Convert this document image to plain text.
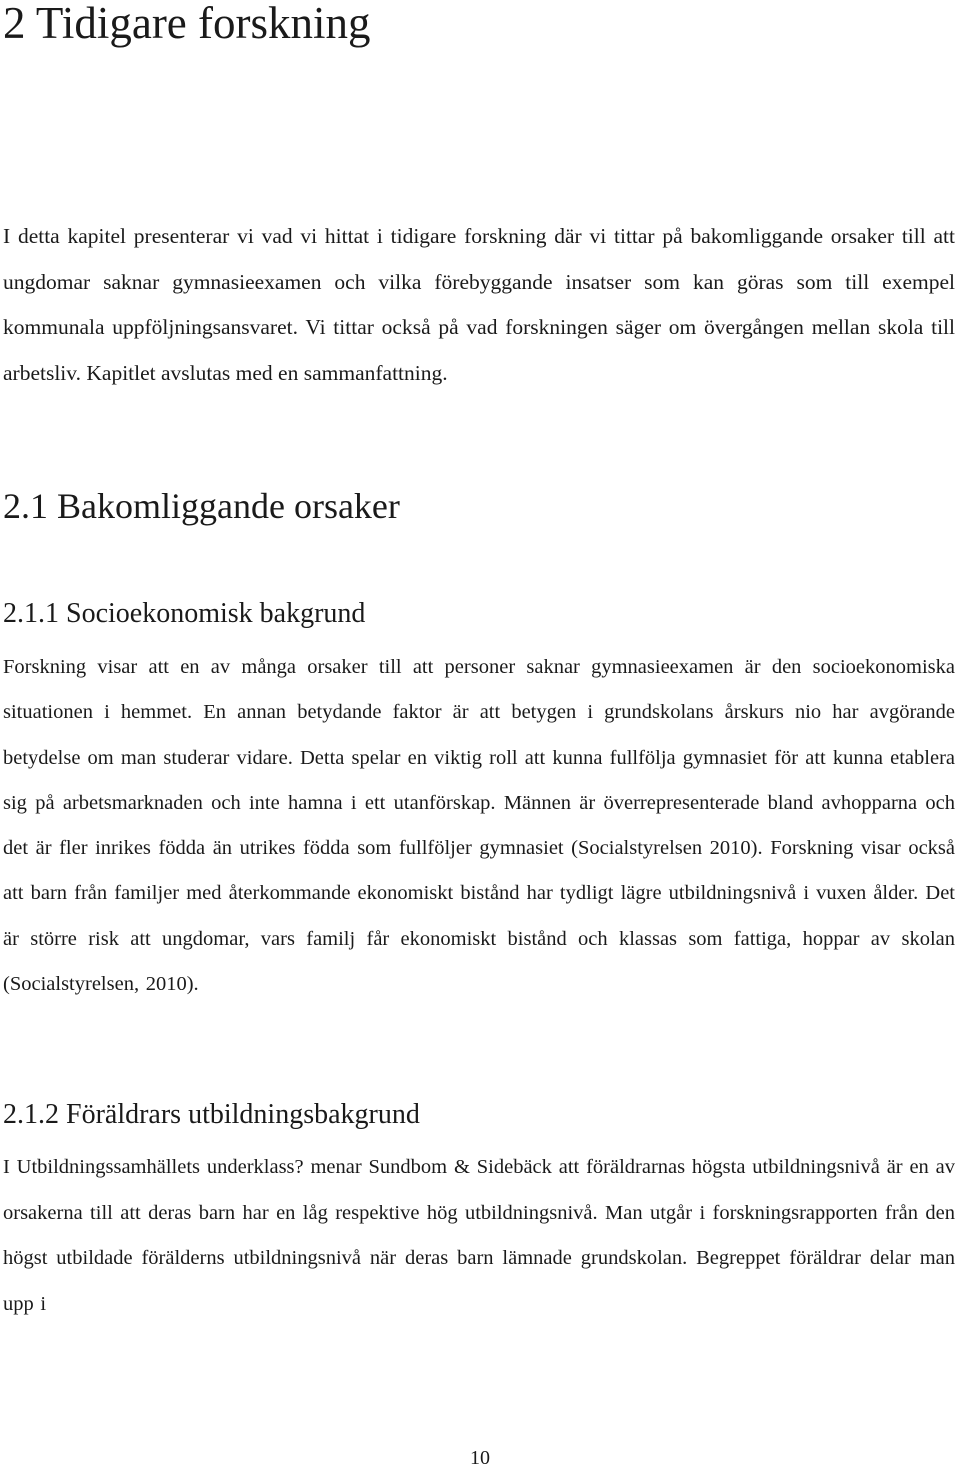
2 Tidigare forskning

I detta kapitel presenterar vi vad vi hittat i tidigare forskning där vi tittar på bakomliggande orsaker till att ungdomar saknar gymnasieexamen och vilka förebyggande insatser som kan göras som till exempel kommunala uppföljningsansvaret. Vi tittar också på vad forskningen säger om övergången mellan skola till arbetsliv. Kapitlet avslutas med en sammanfattning.

2.1 Bakomliggande orsaker
2.1.1 Socioekonomisk bakgrund

Forskning visar att en av många orsaker till att personer saknar gymnasieexamen är den socioekonomiska situationen i hemmet. En annan betydande faktor är att betygen i grundskolans årskurs nio har avgörande betydelse om man studerar vidare. Detta spelar en viktig roll att kunna fullfölja gymnasiet för att kunna etablera sig på arbetsmarknaden och inte hamna i ett utanförskap. Männen är överrepresenterade bland avhopparna och det är fler inrikes födda än utrikes födda som fullföljer gymnasiet (Socialstyrelsen 2010). Forskning visar också att barn från familjer med återkommande ekonomiskt bistånd har tydligt lägre utbildningsnivå i vuxen ålder. Det är större risk att ungdomar, vars familj får ekonomiskt bistånd och klassas som fattiga, hoppar av skolan (Socialstyrelsen, 2010).

2.1.2 Föräldrars utbildningsbakgrund

I Utbildningssamhällets underklass? menar Sundbom & Sidebäck att föräldrarnas högsta utbildningsnivå är en av orsakerna till att deras barn har en låg respektive hög utbildningsnivå. Man utgår i forskningsrapporten från den högst utbildade förälderns utbildningsnivå när deras barn lämnade grundskolan. Begreppet föräldrar delar man upp i

10
